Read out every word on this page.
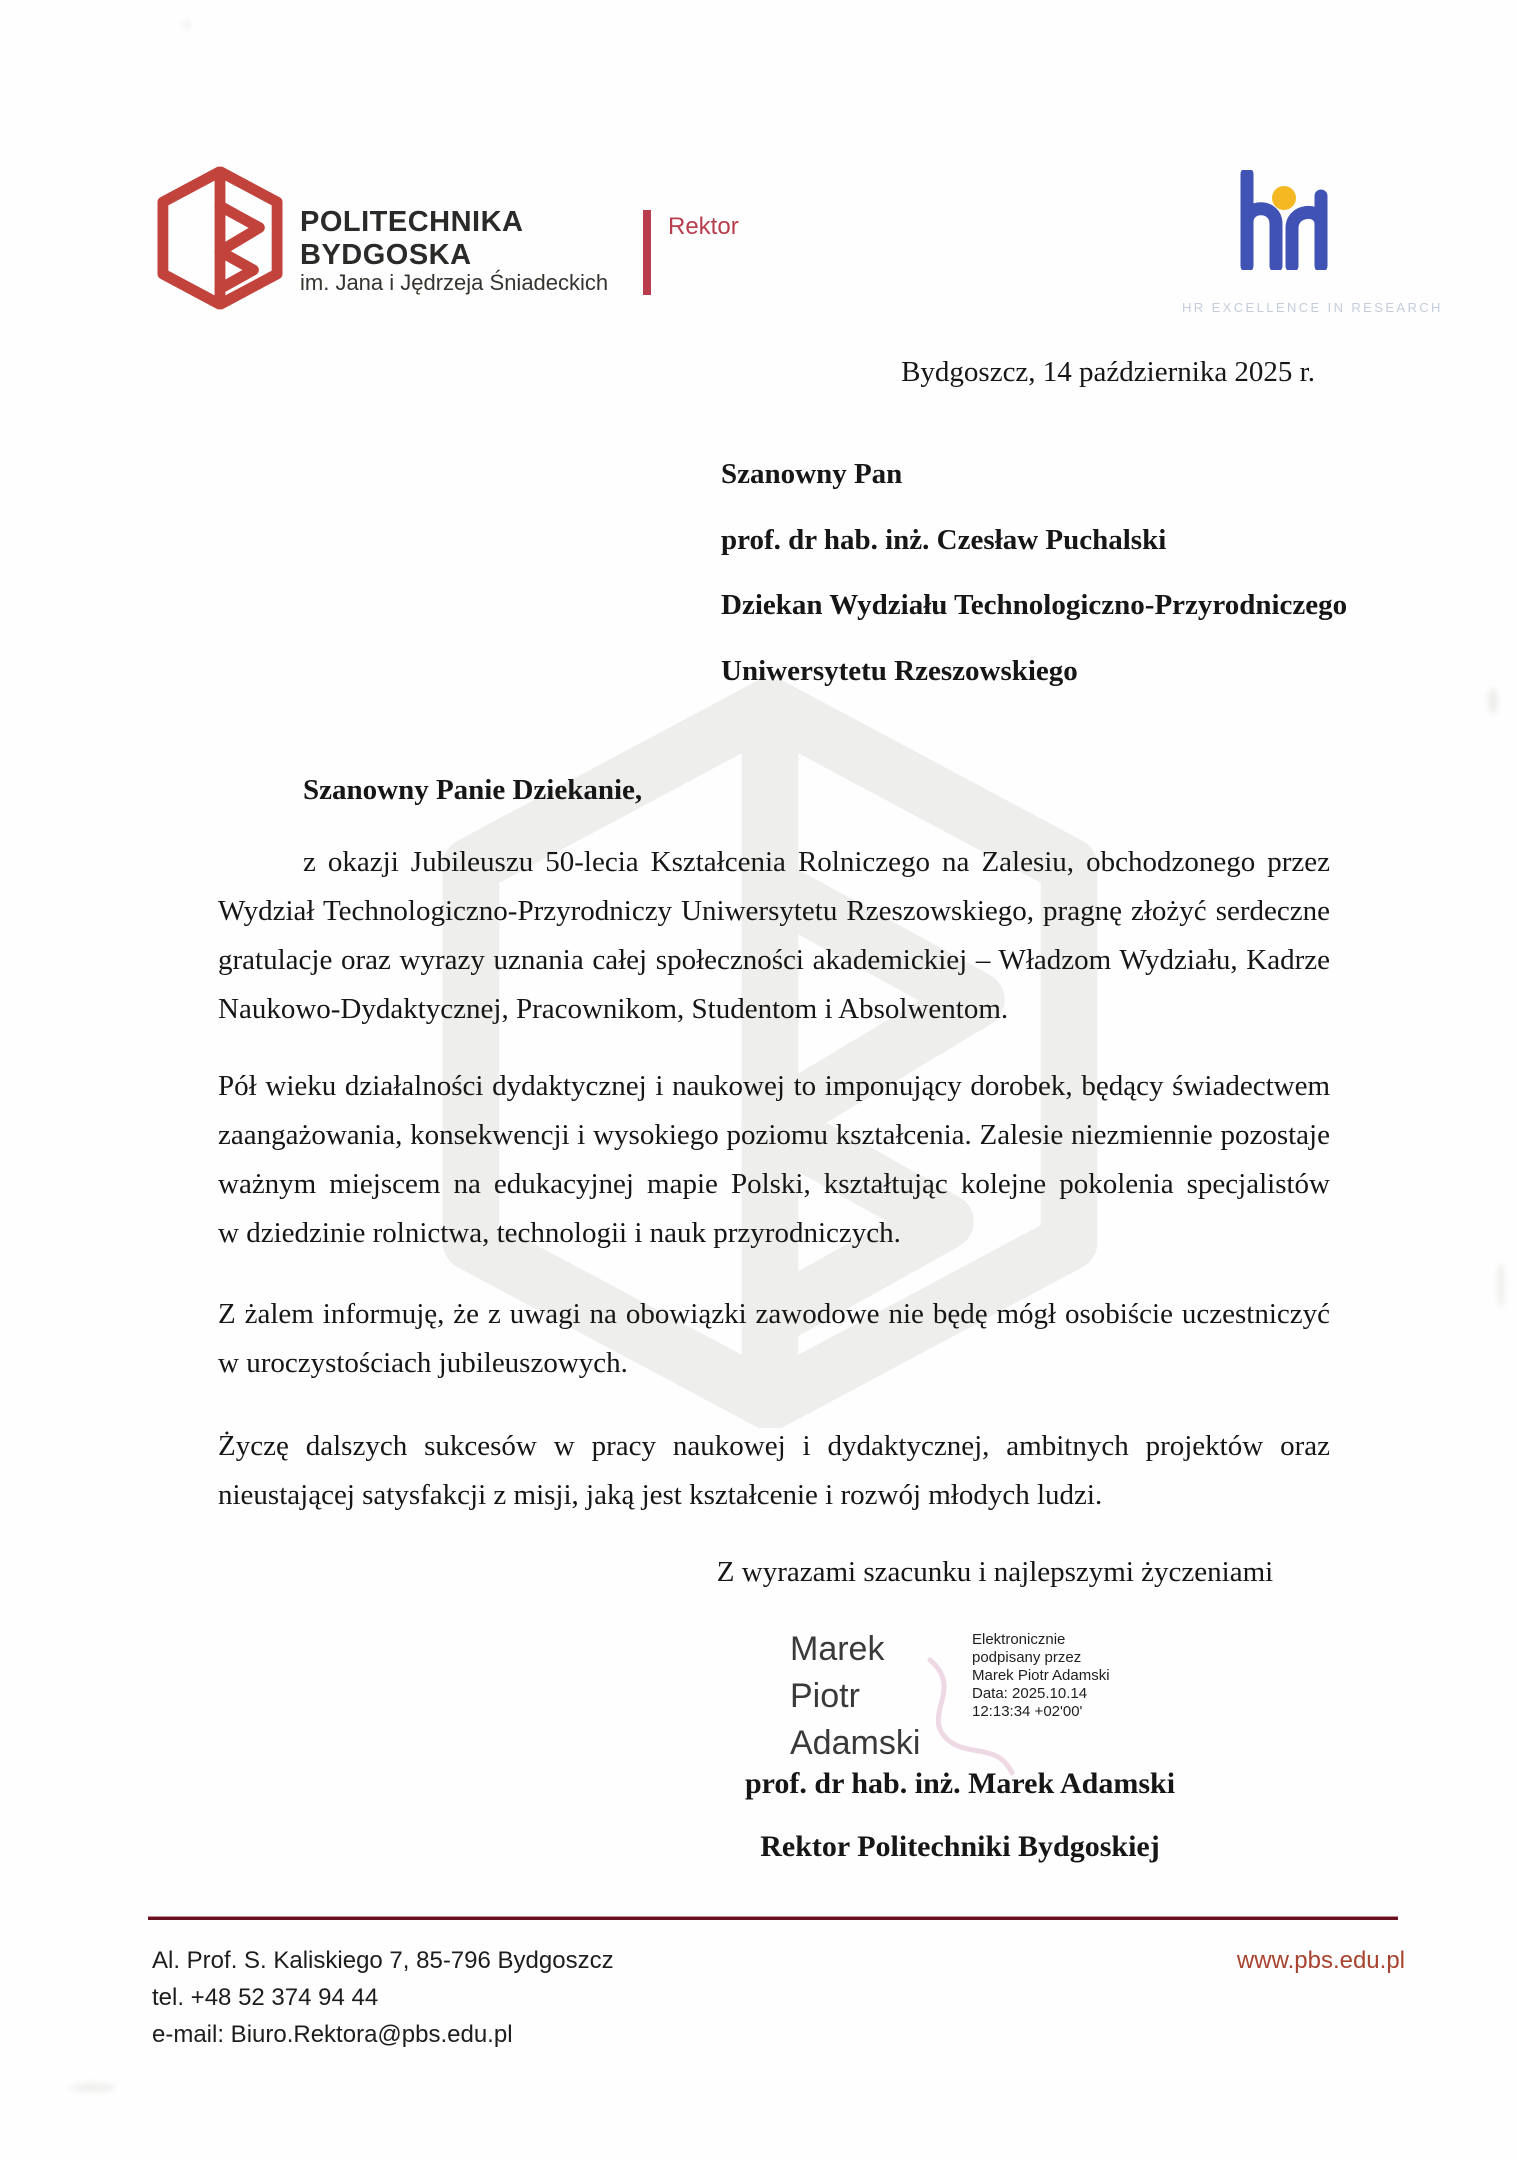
POLITECHNIKA
BYDGOSKA
im. Jana i Jędrzeja Śniadeckich
Rektor
HR EXCELLENCE IN RESEARCH
Bydgoszcz, 14 października 2025 r.
Szanowny Pan
prof. dr hab. inż. Czesław Puchalski
Dziekan Wydziału Technologiczno-Przyrodniczego
Uniwersytetu Rzeszowskiego
Szanowny Panie Dziekanie,
z okazji Jubileuszu 50-lecia Kształcenia Rolniczego na Zalesiu, obchodzonego przez
Wydział Technologiczno-Przyrodniczy Uniwersytetu Rzeszowskiego, pragnę złożyć serdeczne
gratulacje oraz wyrazy uznania całej społeczności akademickiej – Władzom Wydziału, Kadrze
Naukowo-Dydaktycznej, Pracownikom, Studentom i Absolwentom.
Pół wieku działalności dydaktycznej i naukowej to imponujący dorobek, będący świadectwem
zaangażowania, konsekwencji i wysokiego poziomu kształcenia. Zalesie niezmiennie pozostaje
ważnym miejscem na edukacyjnej mapie Polski, kształtując kolejne pokolenia specjalistów
w dziedzinie rolnictwa, technologii i nauk przyrodniczych.
Z żalem informuję, że z uwagi na obowiązki zawodowe nie będę mógł osobiście uczestniczyć
w uroczystościach jubileuszowych.
Życzę dalszych sukcesów w pracy naukowej i dydaktycznej, ambitnych projektów oraz
nieustającej satysfakcji z misji, jaką jest kształcenie i rozwój młodych ludzi.
Z wyrazami szacunku i najlepszymi życzeniami
Marek
Piotr
Adamski
Elektronicznie
podpisany przez
Marek Piotr Adamski
Data: 2025.10.14
12:13:34 +02'00'
prof. dr hab. inż. Marek Adamski
Rektor Politechniki Bydgoskiej
Al. Prof. S. Kaliskiego 7, 85-796 Bydgoszcz
tel. +48 52 374 94 44
e-mail: Biuro.Rektora@pbs.edu.pl
www.pbs.edu.pl
